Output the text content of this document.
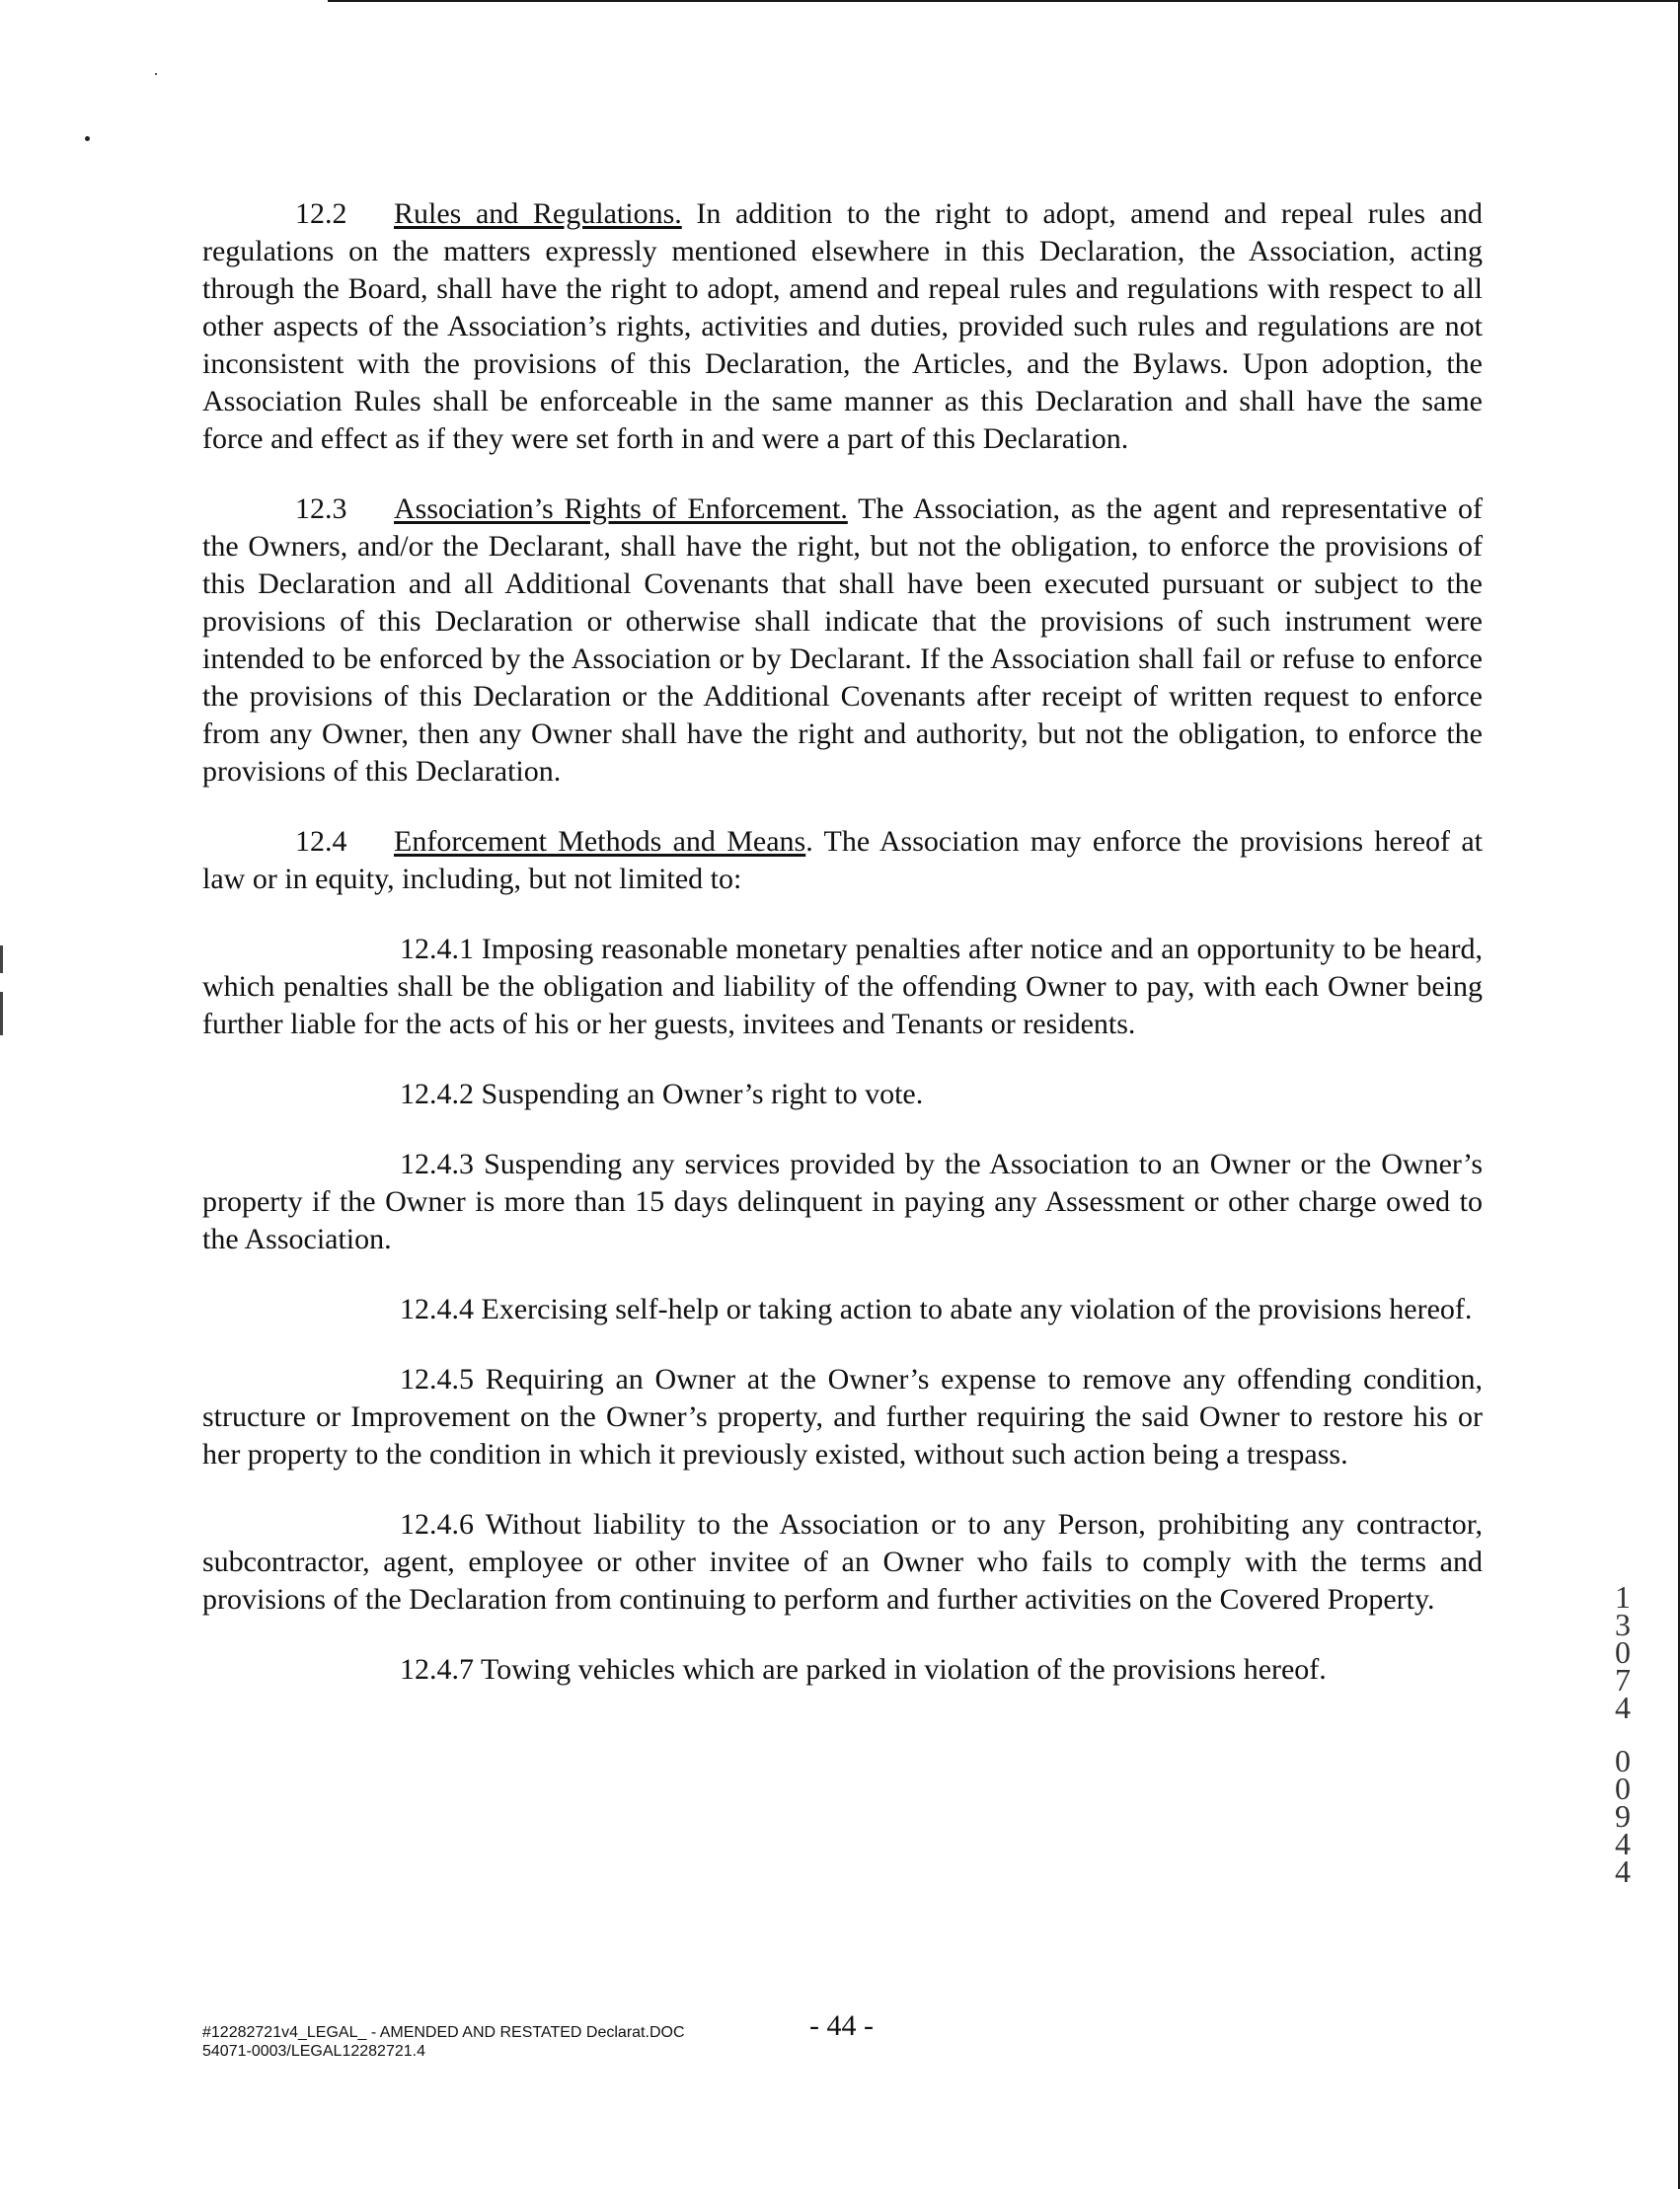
12.2 Rules and Regulations. In addition to the right to adopt, amend and repeal rules and regulations on the matters expressly mentioned elsewhere in this Declaration, the Association, acting through the Board, shall have the right to adopt, amend and repeal rules and regulations with respect to all other aspects of the Association’s rights, activities and duties, provided such rules and regulations are not inconsistent with the provisions of this Declaration, the Articles, and the Bylaws. Upon adoption, the Association Rules shall be enforceable in the same manner as this Declaration and shall have the same force and effect as if they were set forth in and were a part of this Declaration.

12.3 Association’s Rights of Enforcement. The Association, as the agent and representative of the Owners, and/or the Declarant, shall have the right, but not the obligation, to enforce the provisions of this Declaration and all Additional Covenants that shall have been executed pursuant or subject to the provisions of this Declaration or otherwise shall indicate that the provisions of such instrument were intended to be enforced by the Association or by Declarant. If the Association shall fail or refuse to enforce the provisions of this Declaration or the Additional Covenants after receipt of written request to enforce from any Owner, then any Owner shall have the right and authority, but not the obligation, to enforce the provisions of this Declaration.

12.4 Enforcement Methods and Means. The Association may enforce the provisions hereof at law or in equity, including, but not limited to:

12.4.1 Imposing reasonable monetary penalties after notice and an opportunity to be heard, which penalties shall be the obligation and liability of the offending Owner to pay, with each Owner being further liable for the acts of his or her guests, invitees and Tenants or residents.

12.4.2 Suspending an Owner’s right to vote.

12.4.3 Suspending any services provided by the Association to an Owner or the Owner’s property if the Owner is more than 15 days delinquent in paying any Assessment or other charge owed to the Association.

12.4.4 Exercising self-help or taking action to abate any violation of the provisions hereof.

12.4.5 Requiring an Owner at the Owner’s expense to remove any offending condition, structure or Improvement on the Owner’s property, and further requiring the said Owner to restore his or her property to the condition in which it previously existed, without such action being a trespass.

12.4.6 Without liability to the Association or to any Person, prohibiting any contractor, subcontractor, agent, employee or other invitee of an Owner who fails to comply with the terms and provisions of the Declaration from continuing to perform and further activities on the Covered Property.

12.4.7 Towing vehicles which are parked in violation of the provisions hereof.

1
3
0
7
4
0
0
9
4
4
#12282721v4_LEGAL_ - AMENDED AND RESTATED Declarat.DOC
54071-0003/LEGAL12282721.4
- 44 -
